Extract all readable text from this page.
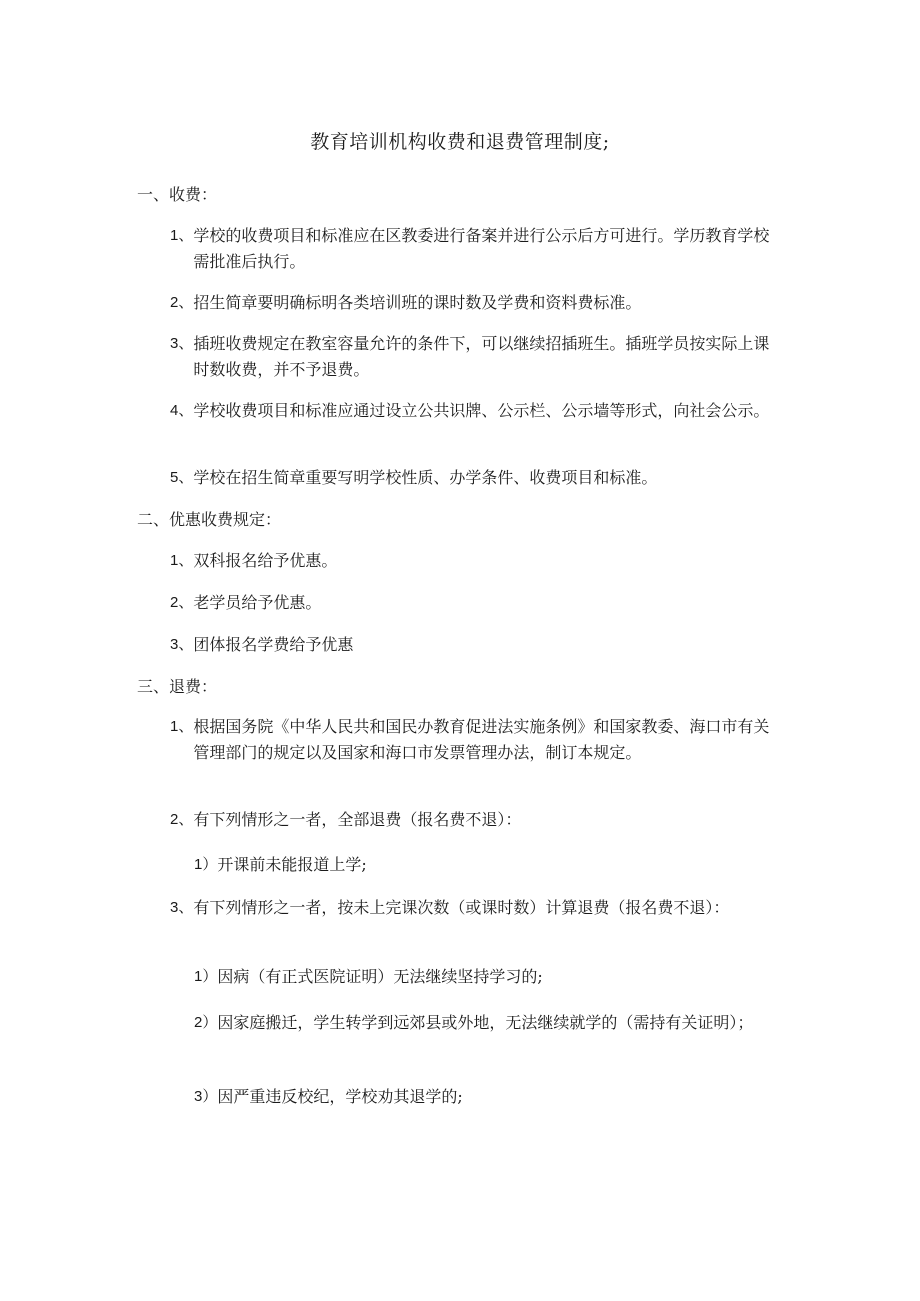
教育培训机构收费和退费管理制度;
一、收费：
1、 学校的收费项目和标准应在区教委进行备案并进行公示后方可进行。学历教育学校需批准后执行。
2、 招生简章要明确标明各类培训班的课时数及学费和资料费标准。
3、 插班收费规定在教室容量允许的条件下，可以继续招插班生。插班学员按实际上课时数收费，并不予退费。
4、 学校收费项目和标准应通过设立公共识牌、公示栏、公示墙等形式，向社会公示。
5、 学校在招生简章重要写明学校性质、办学条件、收费项目和标准。
二、优惠收费规定：
1、 双科报名给予优惠。
2、 老学员给予优惠。
3、 团体报名学费给予优惠
三、退费：
1、 根据国务院《中华人民共和国民办教育促进法实施条例》和国家教委、海口市有关管理部门的规定以及国家和海口市发票管理办法，制订本规定。
2、 有下列情形之一者，全部退费（报名费不退）：
1） 开课前未能报道上学;
3、 有下列情形之一者，按未上完课次数（或课时数）计算退费（报名费不退）：
1） 因病（有正式医院证明）无法继续坚持学习的;
2） 因家庭搬迁，学生转学到远郊县或外地，无法继续就学的（需持有关证明）；
3） 因严重违反校纪，学校劝其退学的;
